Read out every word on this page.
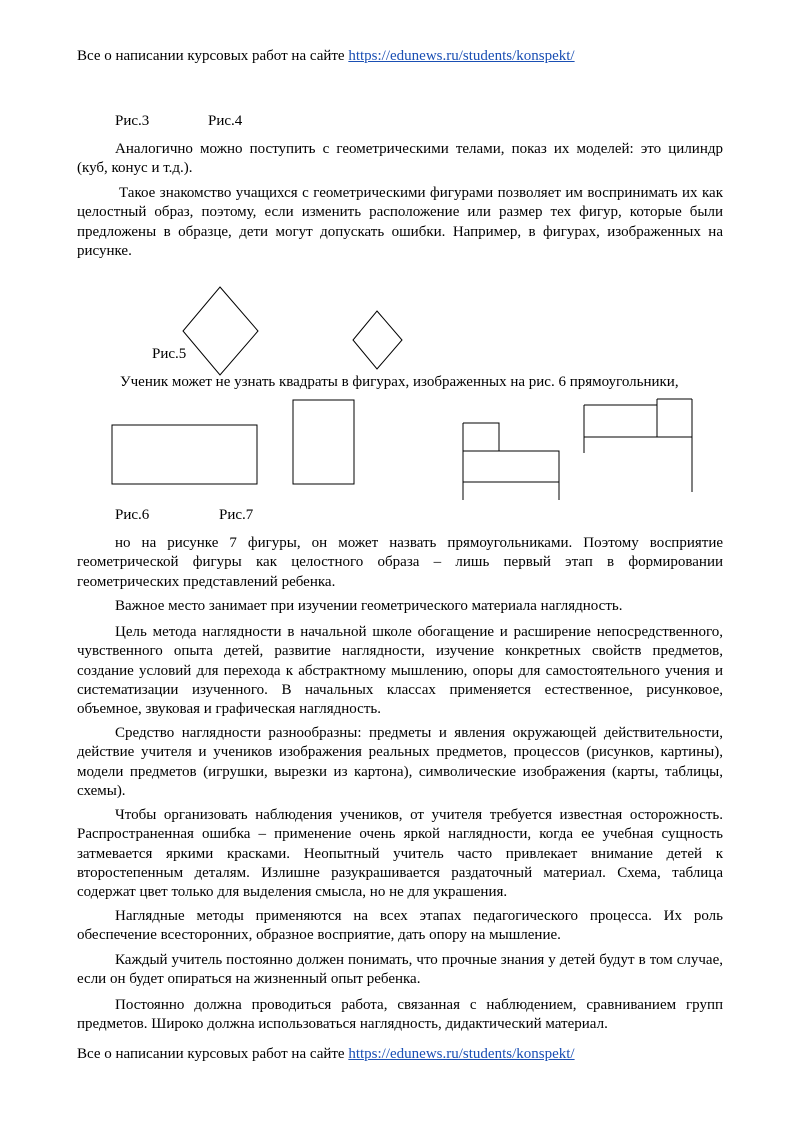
Все о написании курсовых работ на сайте https://edunews.ru/students/konspekt/
Рис.3	Рис.4
Аналогично можно поступить с геометрическими телами, показ их моделей: это цилиндр (куб, конус и т.д.).
Такое знакомство учащихся с геометрическими фигурами позволяет им воспринимать их как целостный образ, поэтому, если изменить расположение или размер тех фигур, которые были предложены в образце, дети могут допускать ошибки. Например, в фигурах, изображенных на рисунке.
Рис.5
Ученик может не узнать квадраты в фигурах, изображенных на рис. 6 прямоугольники,
Рис.6	Рис.7
но на рисунке 7 фигуры, он может назвать прямоугольниками. Поэтому восприятие геометрической фигуры как целостного образа – лишь первый этап в формировании геометрических представлений ребенка.
Важное место занимает при изучении геометрического материала наглядность.
Цель метода наглядности в начальной школе обогащение и расширение непосредственного, чувственного опыта детей, развитие наглядности, изучение конкретных свойств предметов, создание условий для перехода к абстрактному мышлению, опоры для самостоятельного учения и систематизации изученного. В начальных классах применяется естественное, рисунковое, объемное, звуковая и графическая наглядность.
Средство наглядности разнообразны: предметы и явления окружающей действительности, действие учителя и учеников изображения реальных предметов, процессов (рисунков, картины), модели предметов (игрушки, вырезки из картона), символические изображения (карты, таблицы, схемы).
Чтобы организовать наблюдения учеников, от учителя требуется известная осторожность. Распространенная ошибка – применение очень яркой наглядности, когда ее учебная сущность затмевается яркими красками. Неопытный учитель часто привлекает внимание детей к второстепенным деталям. Излишне разукрашивается раздаточный материал. Схема, таблица содержат цвет только для выделения смысла, но не для украшения.
Наглядные методы применяются на всех этапах педагогического процесса. Их роль обеспечение всесторонних, образное восприятие, дать опору на мышление.
Каждый учитель постоянно должен понимать, что прочные знания у детей будут в том случае, если он будет опираться на жизненный опыт ребенка.
Постоянно должна проводиться работа, связанная с наблюдением, сравниванием групп предметов. Широко должна использоваться наглядность, дидактический материал.
Все о написании курсовых работ на сайте https://edunews.ru/students/konspekt/
